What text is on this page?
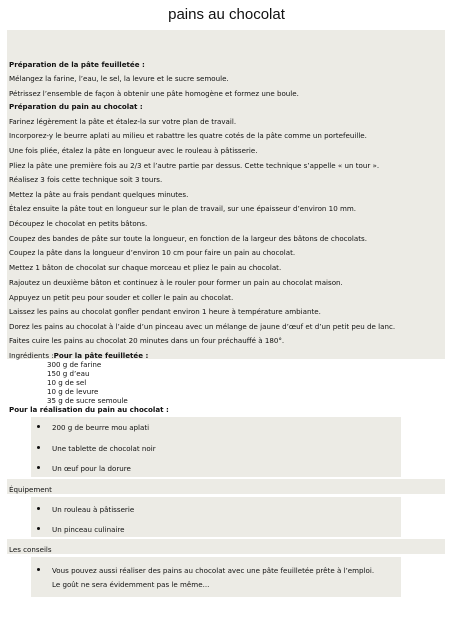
pains au chocolat
Préparation de la pâte feuilletée :
Mélangez la farine, l’eau, le sel, la levure et le sucre semoule.
Pétrissez l’ensemble de façon à obtenir une pâte homogène et formez une boule.
Préparation du pain au chocolat :
Farinez légèrement la pâte et étalez-la sur votre plan de travail.
Incorporez-y le beurre aplati au milieu et rabattre les quatre cotés de la pâte comme un portefeuille.
Une fois pliée, étalez la pâte en longueur avec le rouleau à pâtisserie.
Pliez la pâte une première fois au 2/3 et l’autre partie par dessus. Cette technique s’appelle « un tour ».
Réalisez 3 fois cette technique soit 3 tours.
Mettez la pâte au frais pendant quelques minutes.
Étalez ensuite la pâte tout en longueur sur le plan de travail, sur une épaisseur d’environ 10 mm.
Découpez le chocolat en petits bâtons.
Coupez des bandes de pâte sur toute la longueur, en fonction de la largeur des bâtons de chocolats.
Coupez la pâte dans la longueur d’environ 10 cm pour faire un pain au chocolat.
Mettez 1 bâton de chocolat sur chaque morceau et pliez le pain au chocolat.
Rajoutez un deuxième bâton et continuez à le rouler pour former un pain au chocolat maison.
Appuyez un petit peu pour souder et coller le pain au chocolat.
Laissez les pains au chocolat gonfler pendant environ 1 heure à température ambiante.
Dorez les pains au chocolat à l’aide d’un pinceau avec un mélange de jaune d’œuf et d’un petit peu de lanc.
Faites cuire les pains au chocolat 20 minutes dans un four préchauffé à 180°.
Ingrédients :Pour la pâte feuilletée :
300 g de farine
150 g d’eau
10 g de sel
10 g de levure
35 g de sucre semoule
Pour la réalisation du pain au chocolat :
200 g de beurre mou aplati
Une tablette de chocolat noir
Un œuf pour la dorure
Équipement
Un rouleau à pâtisserie
Un pinceau culinaire
Les conseils
Vous pouvez aussi réaliser des pains au chocolat avec une pâte feuilletée prête à l’emploi.
Le goût ne sera évidemment pas le même...
